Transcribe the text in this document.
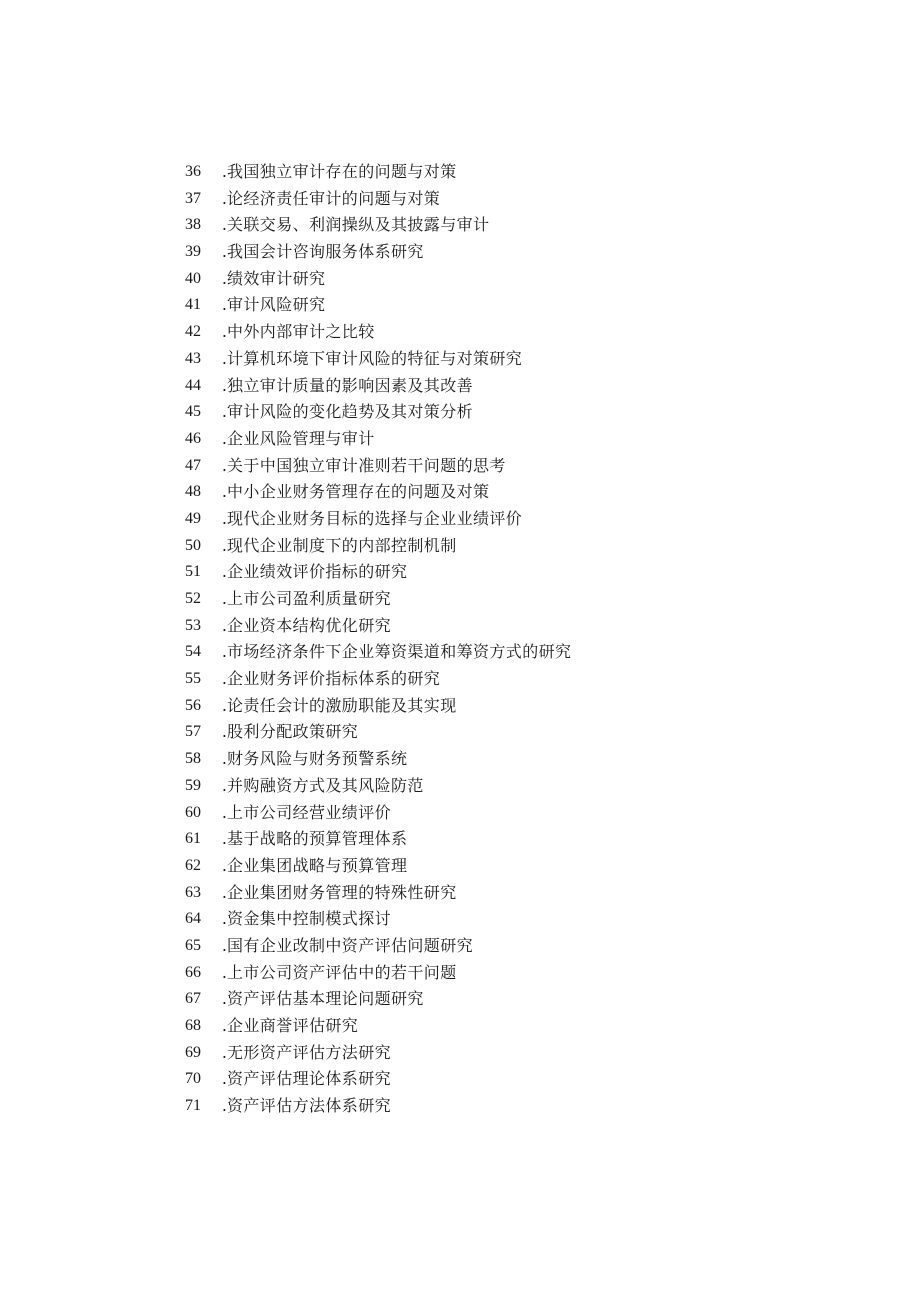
36	. 我国独立审计存在的问题与对策
37	. 论经济责任审计的问题与对策
38	. 关联交易、利润操纵及其披露与审计
39	. 我国会计咨询服务体系研究
40	. 绩效审计研究
41	. 审计风险研究
42	. 中外内部审计之比较
43	. 计算机环境下审计风险的特征与对策研究
44	. 独立审计质量的影响因素及其改善
45	. 审计风险的变化趋势及其对策分析
46	. 企业风险管理与审计
47	. 关于中国独立审计准则若干问题的思考
48	. 中小企业财务管理存在的问题及对策
49	. 现代企业财务目标的选择与企业业绩评价
50	. 现代企业制度下的内部控制机制
51	. 企业绩效评价指标的研究
52	. 上市公司盈利质量研究
53	. 企业资本结构优化研究
54	. 市场经济条件下企业筹资渠道和筹资方式的研究
55	. 企业财务评价指标体系的研究
56	. 论责任会计的激励职能及其实现
57	. 股利分配政策研究
58	. 财务风险与财务预警系统
59	. 并购融资方式及其风险防范
60	. 上市公司经营业绩评价
61	. 基于战略的预算管理体系
62	. 企业集团战略与预算管理
63	. 企业集团财务管理的特殊性研究
64	. 资金集中控制模式探讨
65	. 国有企业改制中资产评估问题研究
66	. 上市公司资产评估中的若干问题
67	. 资产评估基本理论问题研究
68	. 企业商誉评估研究
69	. 无形资产评估方法研究
70	. 资产评估理论体系研究
71	. 资产评估方法体系研究
